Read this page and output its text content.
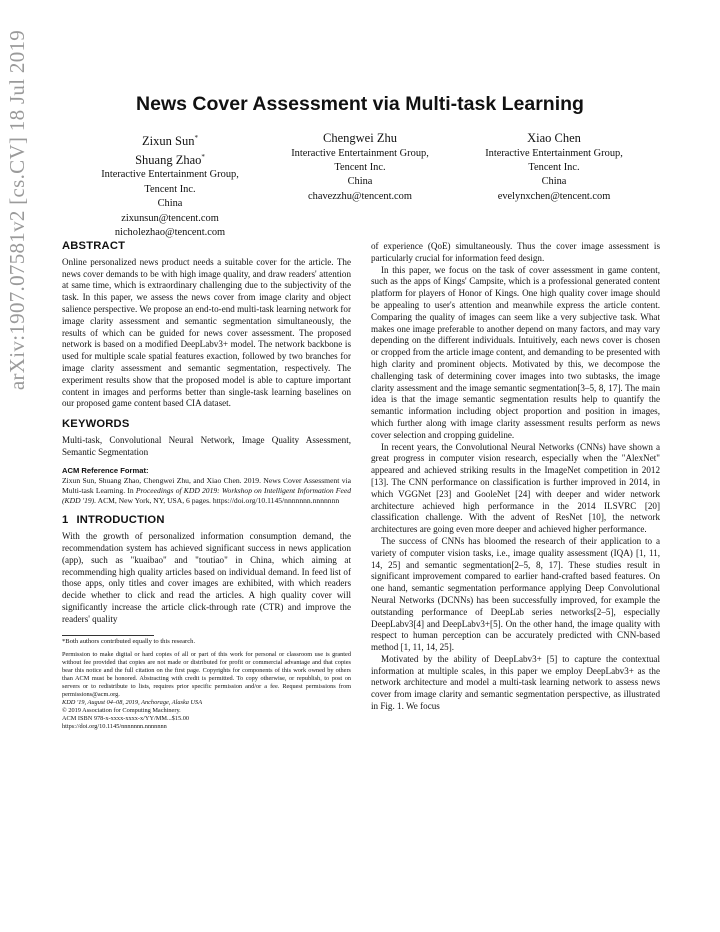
arXiv:1907.07581v2 [cs.CV] 18 Jul 2019	News Cover Assessment via Multi-task Learning
Zixun Sun*
Shuang Zhao*
Interactive Entertainment Group,
Tencent Inc.
China
zixunsun@tencent.com
nicholezhao@tencent.com
Chengwei Zhu
Interactive Entertainment Group,
Tencent Inc.
China
chavezzhu@tencent.com
Xiao Chen
Interactive Entertainment Group,
Tencent Inc.
China
evelynxchen@tencent.com
ABSTRACT

Online personalized news product needs a suitable cover for the article. The news cover demands to be with high image quality, and draw readers' attention at same time, which is extraordinary challenging due to the subjectivity of the task. In this paper, we assess the news cover from image clarity and object salience perspective. We propose an end-to-end multi-task learning network for image clarity assessment and semantic segmentation simultaneously, the results of which can be guided for news cover assessment. The proposed network is based on a modified DeepLabv3+ model. The network backbone is used for multiple scale spatial features exaction, followed by two branches for image clarity assessment and semantic segmentation, respectively. The experiment results show that the proposed model is able to capture important content in images and performs better than single-task learning baselines on our proposed game content based CIA dataset.

KEYWORDS

Multi-task, Convolutional Neural Network, Image Quality Assessment, Semantic Segmentation

ACM Reference Format:

Zixun Sun, Shuang Zhao, Chengwei Zhu, and Xiao Chen. 2019. News Cover Assessment via Multi-task Learning. In Proceedings of KDD 2019: Workshop on Intelligent Information Feed (KDD '19). ACM, New York, NY, USA, 6 pages. https://doi.org/10.1145/nnnnnnn.nnnnnnn

1 INTRODUCTION

With the growth of personalized information consumption demand, the recommendation system has achieved significant success in news application (app), such as "kuaibao" and "toutiao" in China, which aiming at recommending high quality articles based on individual demand. In feed list of those apps, only titles and cover images are exhibited, with which readers decide whether to click and read the articles. A high quality cover will significantly increase the article click-through rate (CTR) and improve the readers' quality

*Both authors contributed equally to this research.
Permission to make digital or hard copies of all or part of this work for personal or classroom use is granted without fee provided that copies are not made or distributed for profit or commercial advantage and that copies bear this notice and the full citation on the first page. Copyrights for components of this work owned by others than ACM must be honored. Abstracting with credit is permitted. To copy otherwise, or republish, to post on servers or to redistribute to lists, requires prior specific permission and/or a fee. Request permissions from permissions@acm.org.
KDD '19, August 04–08, 2019, Anchorage, Alaska USA
© 2019 Association for Computing Machinery.
ACM ISBN 978-x-xxxx-xxxx-x/YY/MM...$15.00
https://doi.org/10.1145/nnnnnnn.nnnnnnn

of experience (QoE) simultaneously. Thus the cover image assessment is particularly crucial for information feed design.

In this paper, we focus on the task of cover assessment in game content, such as the apps of Kings' Campsite, which is a professional generated content platform for players of Honor of Kings. One high quality cover image should be appealing to user's attention and meanwhile express the article content. Comparing the quality of images can seem like a very subjective task. What makes one image preferable to another depend on many factors, and may vary depending on the different individuals. Intuitively, each news cover is chosen or cropped from the article image content, and demanding to be presented with high clarity and prominent objects. Motivated by this, we decompose the challenging task of determining cover images into two subtasks, the image clarity assessment and the image semantic segmentation[3–5, 8, 17]. The main idea is that the image semantic segmentation results help to quantify the semantic information including object proportion and position in images, which further along with image clarity assessment results perform as news cover selection and cropping guideline.

In recent years, the Convolutional Neural Networks (CNNs) have shown a great progress in computer vision research, especially when the "AlexNet" appeared and achieved striking results in the ImageNet competition in 2012 [13]. The CNN performance on classification is further improved in 2014, in which VGGNet [23] and GooleNet [24] with deeper and wider network architecture achieved high performance in the 2014 ILSVRC [20] classification challenge. With the advent of ResNet [10], the network architectures are going even more deeper and achieved higher performance.

The success of CNNs has bloomed the research of their application to a variety of computer vision tasks, i.e., image quality assessment (IQA) [1, 11, 14, 25] and semantic segmentation[2–5, 8, 17]. These studies result in significant improvement compared to earlier hand-crafted based features. On one hand, semantic segmentation performance applying Deep Convolutional Neural Networks (DCNNs) has been successfully improved, for example the outstanding performance of DeepLab series networks[2–5], especially DeepLabv3[4] and DeepLabv3+[5]. On the other hand, the image quality with respect to human perception can be accurately predicted with CNN-based method [1, 11, 14, 25].

Motivated by the ability of DeepLabv3+ [5] to capture the contextual information at multiple scales, in this paper we employ DeepLabv3+ as the network architecture and model a multi-task learning network to assess news cover from image clarity and semantic segmentation perspective, as illustrated in Fig. 1. We focus
